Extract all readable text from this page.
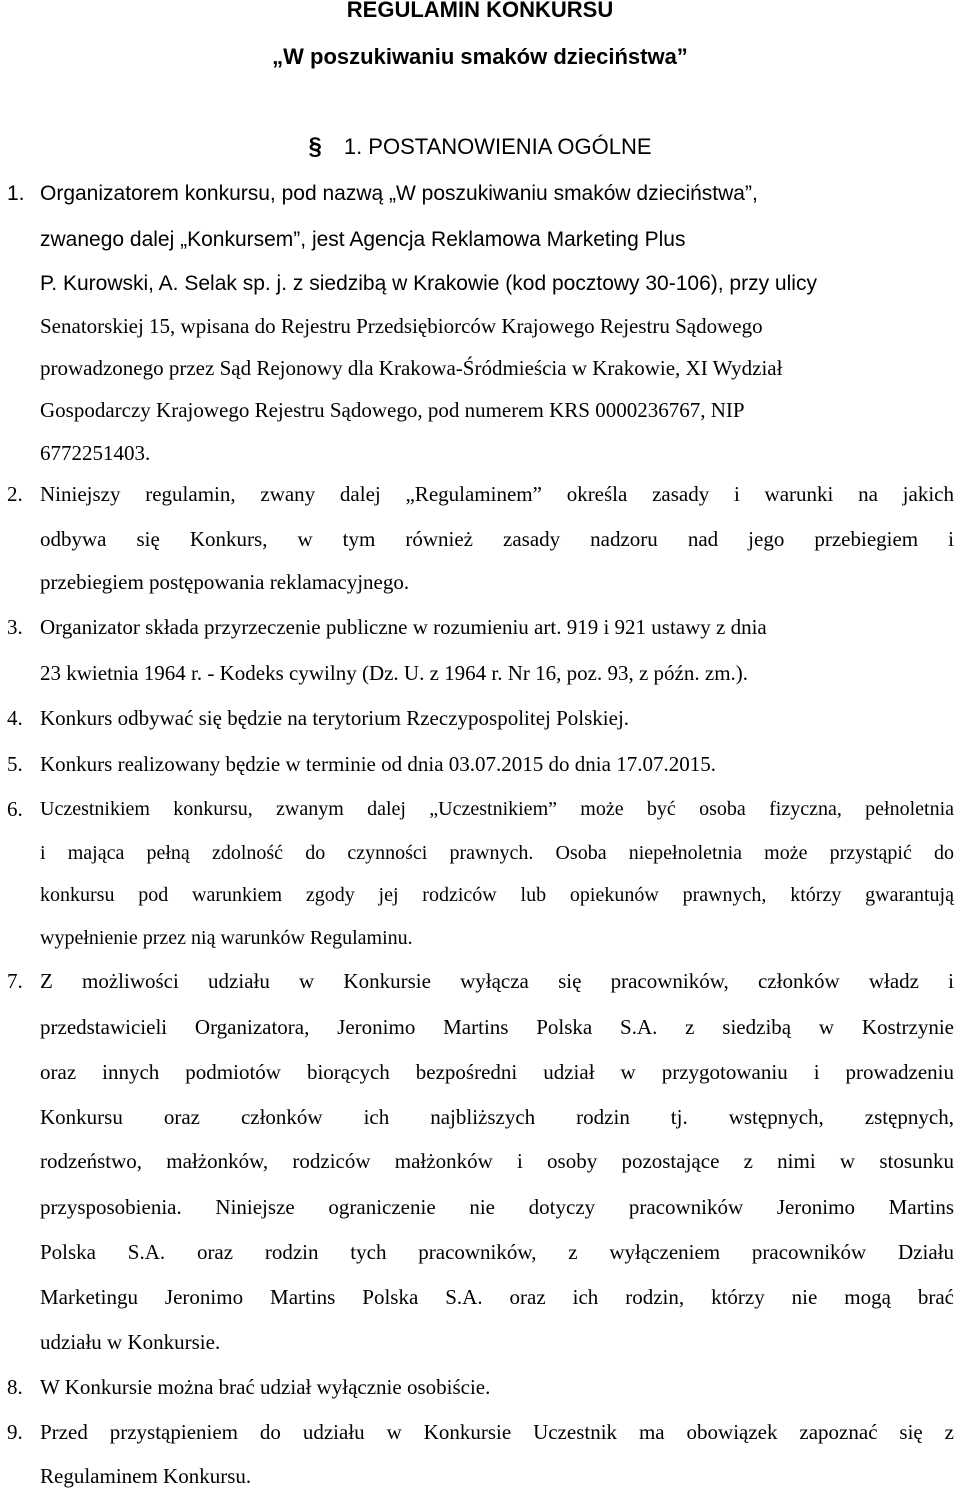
REGULAMIN KONKURSU
„W poszukiwaniu smaków dzieciństwa”
§ 1. POSTANOWIENIA OGÓLNE
1. Organizatorem konkursu, pod nazwą „W poszukiwaniu smaków dzieciństwa”,
zwanego dalej „Konkursem”, jest Agencja Reklamowa Marketing Plus
P. Kurowski, A. Selak sp. j. z siedzibą w Krakowie (kod pocztowy 30-106), przy ulicy
Senatorskiej 15, wpisana do Rejestru Przedsiębiorców Krajowego Rejestru Sądowego
prowadzonego przez Sąd Rejonowy dla Krakowa-Śródmieścia w Krakowie, XI Wydział
Gospodarczy Krajowego Rejestru Sądowego, pod numerem KRS 0000236767, NIP
6772251403.
2. Niniejszy regulamin, zwany dalej „Regulaminem” określa zasady i warunki na jakich
odbywa się Konkurs, w tym również zasady nadzoru nad jego przebiegiem i
przebiegiem postępowania reklamacyjnego.
3. Organizator składa przyrzeczenie publiczne w rozumieniu art. 919 i 921 ustawy z dnia
23 kwietnia 1964 r. - Kodeks cywilny (Dz. U. z 1964 r. Nr 16, poz. 93, z późn. zm.).
4. Konkurs odbywać się będzie na terytorium Rzeczypospolitej Polskiej.
5. Konkurs realizowany będzie w terminie od dnia 03.07.2015 do dnia 17.07.2015.
6. Uczestnikiem konkursu, zwanym dalej „Uczestnikiem” może być osoba fizyczna, pełnoletnia
i mająca pełną zdolność do czynności prawnych. Osoba niepełnoletnia może przystąpić do
konkursu pod warunkiem zgody jej rodziców lub opiekunów prawnych, którzy gwarantują
wypełnienie przez nią warunków Regulaminu.
7. Z możliwości udziału w Konkursie wyłącza się pracowników, członków władz i
przedstawicieli Organizatora, Jeronimo Martins Polska S.A. z siedzibą w Kostrzynie
oraz innych podmiotów biorących bezpośredni udział w przygotowaniu i prowadzeniu
Konkursu oraz członków ich najbliższych rodzin tj. wstępnych, zstępnych,
rodzeństwo, małżonków, rodziców małżonków i osoby pozostające z nimi w stosunku
przysposobienia. Niniejsze ograniczenie nie dotyczy pracowników Jeronimo Martins
Polska S.A. oraz rodzin tych pracowników, z wyłączeniem pracowników Działu
Marketingu Jeronimo Martins Polska S.A. oraz ich rodzin, którzy nie mogą brać
udziału w Konkursie.
8. W Konkursie można brać udział wyłącznie osobiście.
9. Przed przystąpieniem do udziału w Konkursie Uczestnik ma obowiązek zapoznać się z
Regulaminem Konkursu.
